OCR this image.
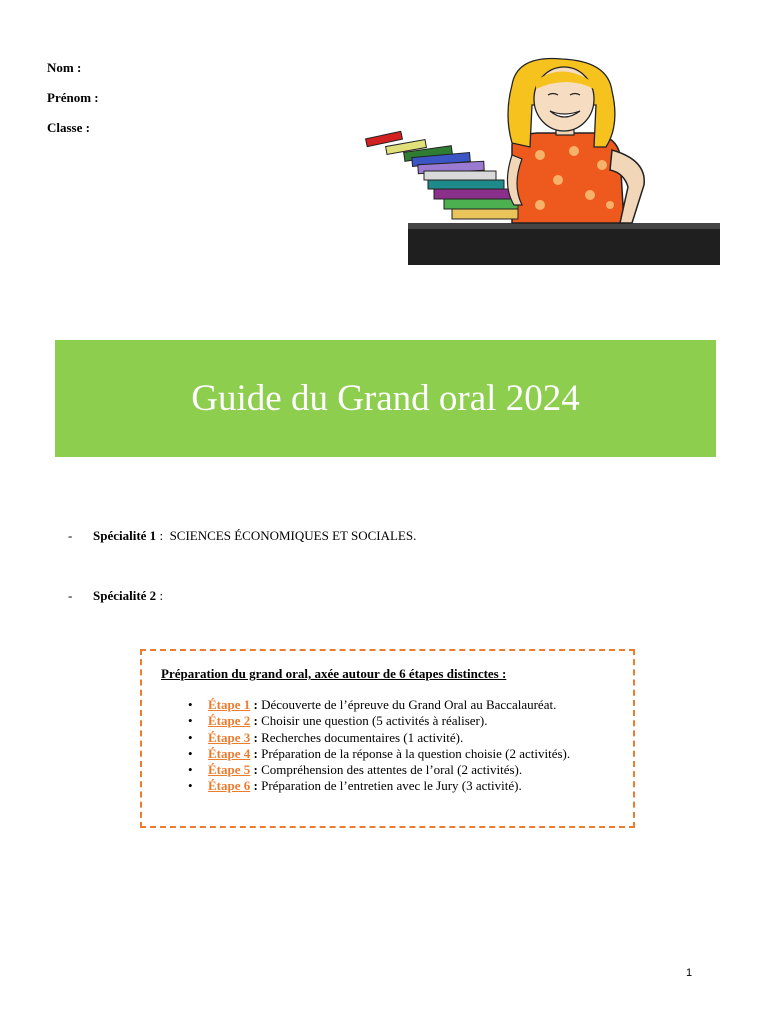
Nom :
Prénom :
Classe :
Guide du Grand oral 2024
- Spécialité 1 :  SCIENCES ÉCONOMIQUES ET SOCIALES.
- Spécialité 2 :
Préparation du grand oral, axée autour de 6 étapes distinctes :
• Étape 1 : Découverte de l’épreuve du Grand Oral au Baccalauréat.
• Étape 2 : Choisir une question (5 activités à réaliser).
• Étape 3 : Recherches documentaires (1 activité).
• Étape 4 : Préparation de la réponse à la question choisie (2 activités).
• Étape 5 : Compréhension des attentes de l’oral (2 activités).
• Étape 6 : Préparation de l’entretien avec le Jury (3 activité).
1
